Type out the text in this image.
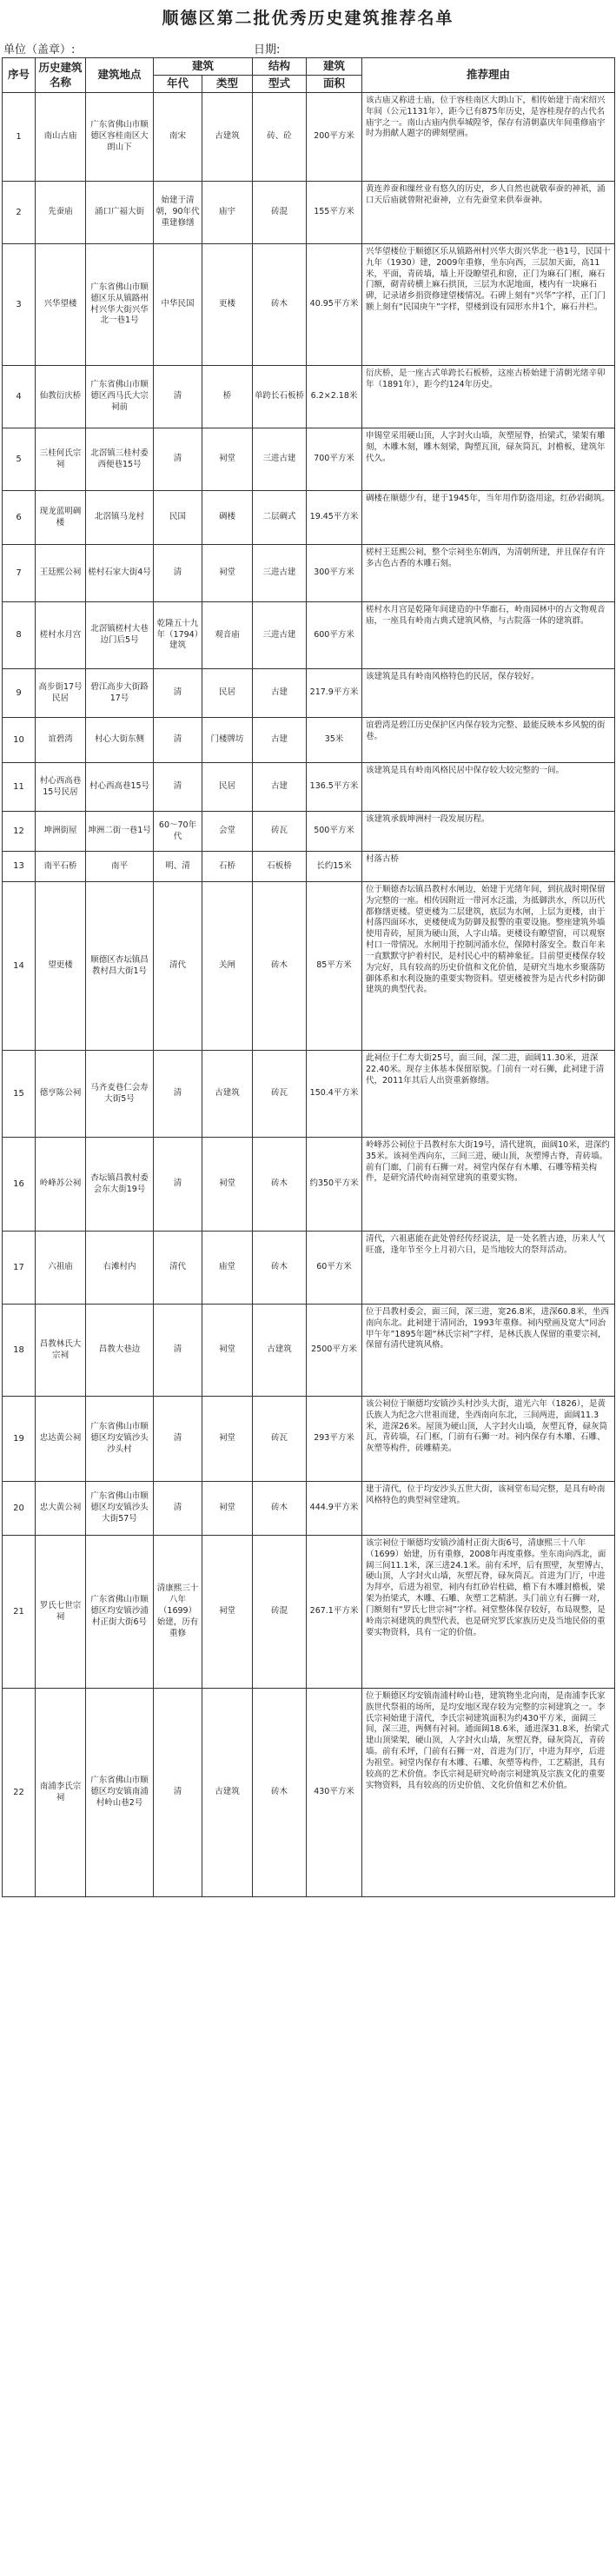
顺德区第二批优秀历史建筑推荐名单
单位（盖章）:	日期:
序号	历史建筑名称	建筑地点	建筑		结构	建筑	推荐理由
			年代	类型	型式	面积	
1	南山古庙	广东省佛山市顺德区容桂南区大朗山下	南宋	古建筑	砖、砼	200平方米	该古庙又称进士庙，位于容桂南区大朗山下，相传始建于南宋绍兴年间（公元1131年），距今已有875年历史，是容桂现存的古代名庙宇之一。南山古庙内供奉城隍爷，保存有清朝嘉庆年间重修庙宇时为捐献人题字的碑刻壁画。
2	先蚕庙	涌口广福大街	始建于清朝，90年代重建修缮	庙宇	砖混	155平方米	黄连养蚕和缫丝业有悠久的历史，乡人自然也就敬奉蚕的神祇，涌口天后庙就曾附祀蚕神，立有先蚕堂来供奉蚕神。
3	兴华望楼	广东省佛山市顺德区乐从镇路州村兴华大街兴华北一巷1号	中华民国	更楼	砖木	40.95平方米	兴华望楼位于顺德区乐从镇路州村兴华大街兴华北一巷1号，民国十九年（1930）建，2009年重修，坐东向西，三层加天面，高11米，平面，青砖墙，墙上开设瞭望孔和窗，正门为麻石门框，麻石门额，砌青砖横上麻石拱顶，三层为水泥地面，楼内有一块麻石碑，记录诸乡捐资修建望楼情况。石碑上刻有“兴华”字样，正门门额上刻有“民国庚午”字样，望楼到设有园形水井1个，麻石井栏。
4	仙教衍庆桥	广东省佛山市顺德区西马氏大宗祠前	清	桥	单跨长石板桥	6.2×2.18米	衍庆桥，是一座古式单跨长石板桥，这座古桥始建于清朝光绪辛卯年（1891年），距今约124年历史。
5	三桂何氏宗祠	北滘镇三桂村委西便巷15号	清	祠堂	三进古建	700平方米	申锡堂采用硬山顶，人字封火山墙，灰塑屋脊，抬梁式，梁架有雕刻，木雕木刻，雕木刻梁，陶塑瓦顶，碌灰筒瓦，封檐板，建筑年代久。
6	现龙蓝明碉楼	北滘镇马龙村	民国	碉楼	二层碉式	19.45平方米	碉楼在顺德少有，建于1945年，当年用作防盗用途，红砂岩砌筑。
7	王廷熙公祠	槎村石家大街4号	清	祠堂	三进古建	300平方米	槎村王廷熙公祠，整个宗祠坐东朝西，为清朝所建，并且保存有许多古色古香的木雕石刻。
8	槎村水月宫	北滘镇槎村大巷边门后5号	乾隆五十九年（1794）建筑	观音庙	三进古建	600平方米	槎村水月宫是乾隆年间建造的中华廊石，岭南园林中的古文物观音庙，一座具有岭南古典式建筑风格，与古院落一体的建筑群。
9	高步街17号民居	碧江高步大街路17号	清	民居	古建	217.9平方米	该建筑是具有岭南风格特色的民居，保存较好。
10	谊碧湾	村心大街东侧	清	门楼牌坊	古建	35米	谊碧湾是碧江历史保护区内保存较为完整、最能反映本乡风貌的街巷。
11	村心西高巷15号民居	村心西高巷15号	清	民居	古建	136.5平方米	该建筑是具有岭南风格民居中保存较大较完整的一间。
12	坤洲街屋	坤洲二街一巷1号	60～70年代	会堂	砖瓦	500平方米	该建筑承载坤洲村一段发展历程。
13	南平石桥	南平	明、清	石桥	石板桥	长约15米	村落古桥
14	望更楼	顺德区杏坛镇昌教村昌大街1号	清代	关闸	砖木	85平方米	位于顺德杏坛镇昌教村水闸边，始建于光绪年间，到抗战时期保留为完整的一座。相传因附近一带河水泛滥，为抵御洪水，所以历代都修缮更楼。望更楼为二层建筑，底层为水闸，上层为更楼，由于村落四面环水，更楼便成为防御及报警的重要设施。整座建筑外墙使用青砖，屋顶为硬山顶，人字山墙。更楼设有瞭望窗，可以观察村口一带情况。水闸用于控制河涌水位，保障村落安全。数百年来一直默默守护着村民，是村民心中的精神象征。目前望更楼保存较为完好，具有较高的历史价值和文化价值，是研究当地水乡聚落防御体系和水利设施的重要实物资料。望更楼被誉为是古代乡村防御建筑的典型代表。
15	德亨陈公祠	马齐麦巷仁会寿大街5号	清	古建筑	砖瓦	150.4平方米	此祠位于仁寿大街25号，面三间，深二进，面阔11.30米，进深22.40米。现存主体基本保留原貌。门前有一对石狮，此祠建于清代，2011年其后人出资重新修缮。
16	岭峰苏公祠	杏坛镇昌教村委会东大街19号	清	祠堂	砖木	约350平方米	岭峰苏公祠位于昌教村东大街19号，清代建筑，面阔10米，进深约35米。该祠坐西向东，三间三进，硬山顶，灰塑博古脊，青砖墙。前有门廊，门前有石狮一对。祠堂内保存有木雕、石雕等精美构件，是研究清代岭南祠堂建筑的重要实物。
17	六祖庙	右滩村内	清代	庙堂	砖木	60平方米	清代，六祖惠能在此处曾经传经说法，是一处名胜古迹，历来人气旺盛，逢年节至今上月初六日，是当地较大的祭拜活动。
18	昌教林氏大宗祠	昌教大巷边	清	祠堂	古建筑	2500平方米	位于昌教村委会，面三间，深三进，宽26.8米，进深60.8米，坐西南向东北。此祠建于清同治，1993年重修。祠内壁画及宽大“同治甲午年”1895年题“林氏宗祠”字样，是林氏族人保留的重要宗祠，保留有清代建筑风格。
19	忠达黄公祠	广东省佛山市顺德区均安镇沙头沙头村	清	祠堂	砖瓦	293平方米	该公祠位于顺德均安镇沙头村沙头大街，道光六年（1826），是黄氏族人为纪念六世祖而建，坐西南向东北，三间两进，面阔11.3米，进深26米。屋顶为硬山顶，人字封火山墙，灰塑瓦脊，碌灰筒瓦，青砖墙，石门框，门前有石狮一对。祠内保存有木雕、石雕、灰塑等构件，砖雕精美。
20	忠大黄公祠	广东省佛山市顺德区均安镇沙头大街57号	清	祠堂	砖木	444.9平方米	建于清代，位于均安沙头五世大街，该祠堂布局完整，是具有岭南风格特色的典型祠堂建筑。
21	罗氏七世宗祠	广东省佛山市顺德区均安镇沙浦村正街大街6号	清康熙三十八年（1699）始建，历有重修	祠堂	砖混	267.1平方米	该宗祠位于顺德均安镇沙浦村正街大街6号，清康熙三十八年（1699）始建，历有重修，2008年再度重修。坐东南向西北，面阔三间11.1米，深三进24.1米。前有禾坪，后有照壁，灰塑博古，硬山顶，人字封火山墙，灰塑瓦脊，碌灰筒瓦。首进为门厅，中进为拜亭，后进为祖堂，祠内有红砂岩柱础，檐下有木雕封檐板，梁架为抬梁式，木雕、石雕、灰塑工艺精湛。头门前立有石狮一对，门额刻有“罗氏七世宗祠”字样。祠堂整体保存较好，布局规整，是岭南宗祠建筑的典型代表，也是研究罗氏家族历史及当地民俗的重要实物资料，具有一定的价值。
22	南浦李氏宗祠	广东省佛山市顺德区均安镇南浦村岭山巷2号	清	古建筑	砖木	430平方米	位于顺德区均安镇南浦村岭山巷，建筑物坐北向南，是南浦李氏家族世代祭祖的场所，是均安地区现存较为完整的宗祠建筑之一。李氏宗祠始建于清代，李氏宗祠建筑面积为约430平方米，面阔三间，深三进，两侧有衬祠。通面阔18.6米，通进深31.8米，抬梁式建山顶梁架，硬山顶，人字封火山墙，灰塑瓦脊，碌灰筒瓦，青砖墙。前有禾坪，门前有石狮一对，首进为门厅，中进为拜亭，后进为祖堂。祠堂内保存有木雕、石雕、灰塑等构件，工艺精湛，具有较高的艺术价值。李氏宗祠是研究岭南宗祠建筑及宗族文化的重要实物资料，具有较高的历史价值、文化价值和艺术价值。
